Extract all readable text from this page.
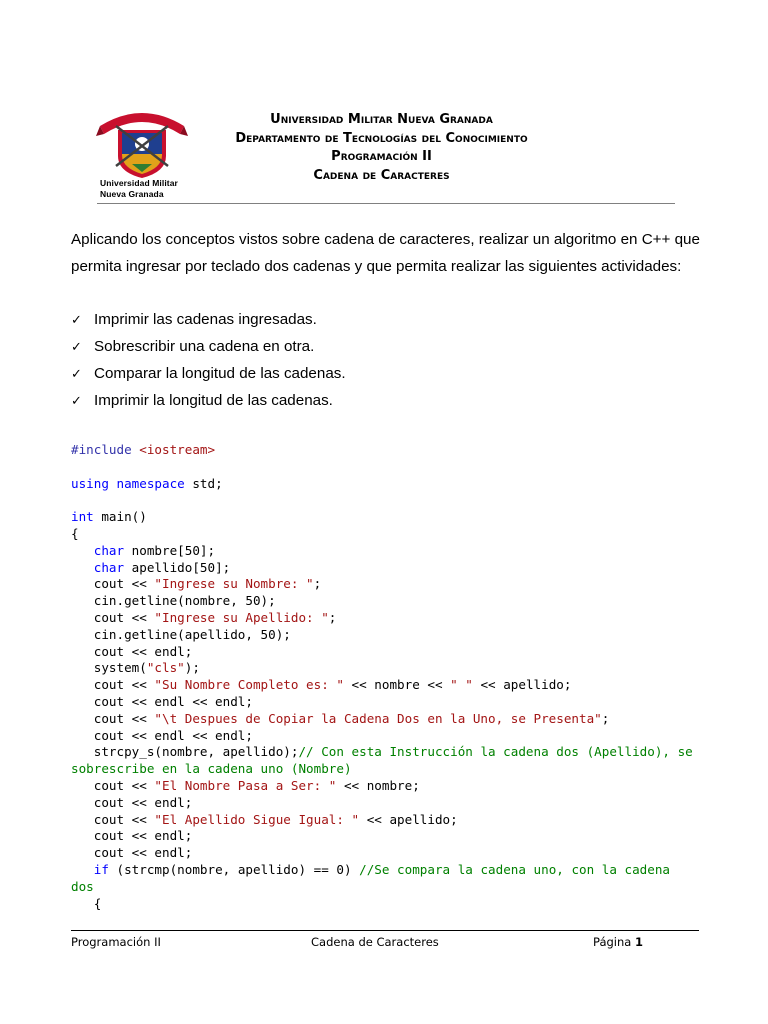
Universidad Militar
Nueva Granada
Universidad Militar Nueva Granada
Departamento de Tecnologías del Conocimiento
Programación II
Cadena de Caracteres
Aplicando los conceptos vistos sobre cadena de caracteres, realizar un algoritmo en C++ que permita ingresar por teclado dos cadenas y que permita realizar las siguientes actividades:
✓ Imprimir las cadenas ingresadas.
✓ Sobrescribir una cadena en otra.
✓ Comparar la longitud de las cadenas.
✓ Imprimir la longitud de las cadenas.
#include <iostream>
using namespace std;
int main()
{
char nombre[50];
char apellido[50];
cout << "Ingrese su Nombre: ";
cin.getline(nombre, 50);
cout << "Ingrese su Apellido: ";
cin.getline(apellido, 50);
cout << endl;
system("cls");
cout << "Su Nombre Completo es: " << nombre << " " << apellido;
cout << endl << endl;
cout << "\t Despues de Copiar la Cadena Dos en la Uno, se Presenta";
cout << endl << endl;
strcpy_s(nombre, apellido);// Con esta Instrucción la cadena dos (Apellido), se
sobrescribe en la cadena uno (Nombre)
cout << "El Nombre Pasa a Ser: " << nombre;
cout << endl;
cout << "El Apellido Sigue Igual: " << apellido;
cout << endl;
cout << endl;
if (strcmp(nombre, apellido) == 0) //Se compara la cadena uno, con la cadena
dos
{
Programación II	Cadena de Caracteres	Página 1
